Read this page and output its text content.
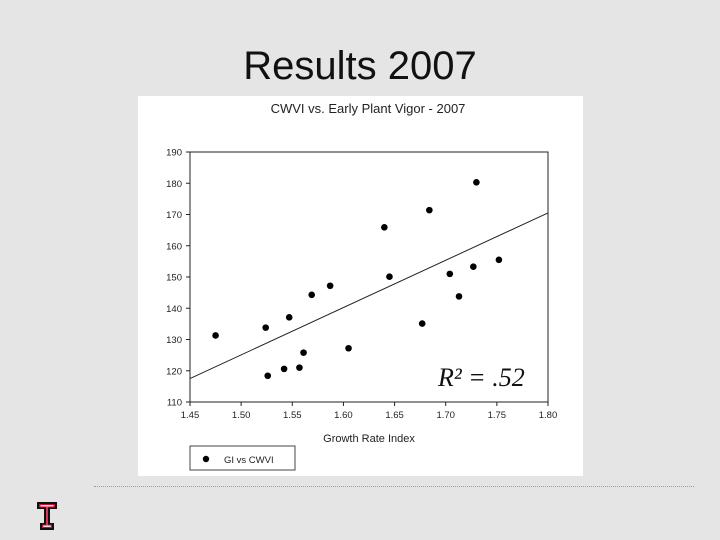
Results 2007
CWVI vs. Early Plant Vigor - 2007
110
120
130
140
150
160
170
180
190
1.45	1.50	1.55	1.60	1.65	1.70	1.75	1.80
Growth Rate Index
R² = .52
GI vs CWVI
